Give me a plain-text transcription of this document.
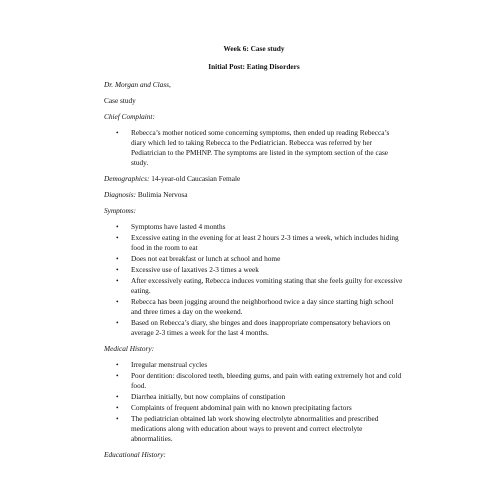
Week 6: Case study

Initial Post: Eating Disorders

Dr. Morgan and Class,

Case study

Chief Complaint:

• Rebecca’s mother noticed some concerning symptoms, then ended up reading Rebecca’s diary which led to taking Rebecca to the Pediatrician. Rebecca was referred by her Pediatrician to the PMHNP. The symptoms are listed in the symptom section of the case study.

Demographics: 14-year-old Caucasian Female

Diagnosis: Bulimia Nervosa

Symptoms:

• Symptoms have lasted 4 months
• Excessive eating in the evening for at least 2 hours 2-3 times a week, which includes hiding food in the room to eat
• Does not eat breakfast or lunch at school and home
• Excessive use of laxatives 2-3 times a week
• After excessively eating, Rebecca induces vomiting stating that she feels guilty for excessive eating.
• Rebecca has been jogging around the neighborhood twice a day since starting high school and three times a day on the weekend.
• Based on Rebecca’s diary, she binges and does inappropriate compensatory behaviors on average 2-3 times a week for the last 4 months.

Medical History:

• Irregular menstrual cycles
• Poor dentition: discolored teeth, bleeding gums, and pain with eating extremely hot and cold food.
• Diarrhea initially, but now complains of constipation
• Complaints of frequent abdominal pain with no known precipitating factors
• The pediatrician obtained lab work showing electrolyte abnormalities and prescribed medications along with education about ways to prevent and correct electrolyte abnormalities.

Educational History:
